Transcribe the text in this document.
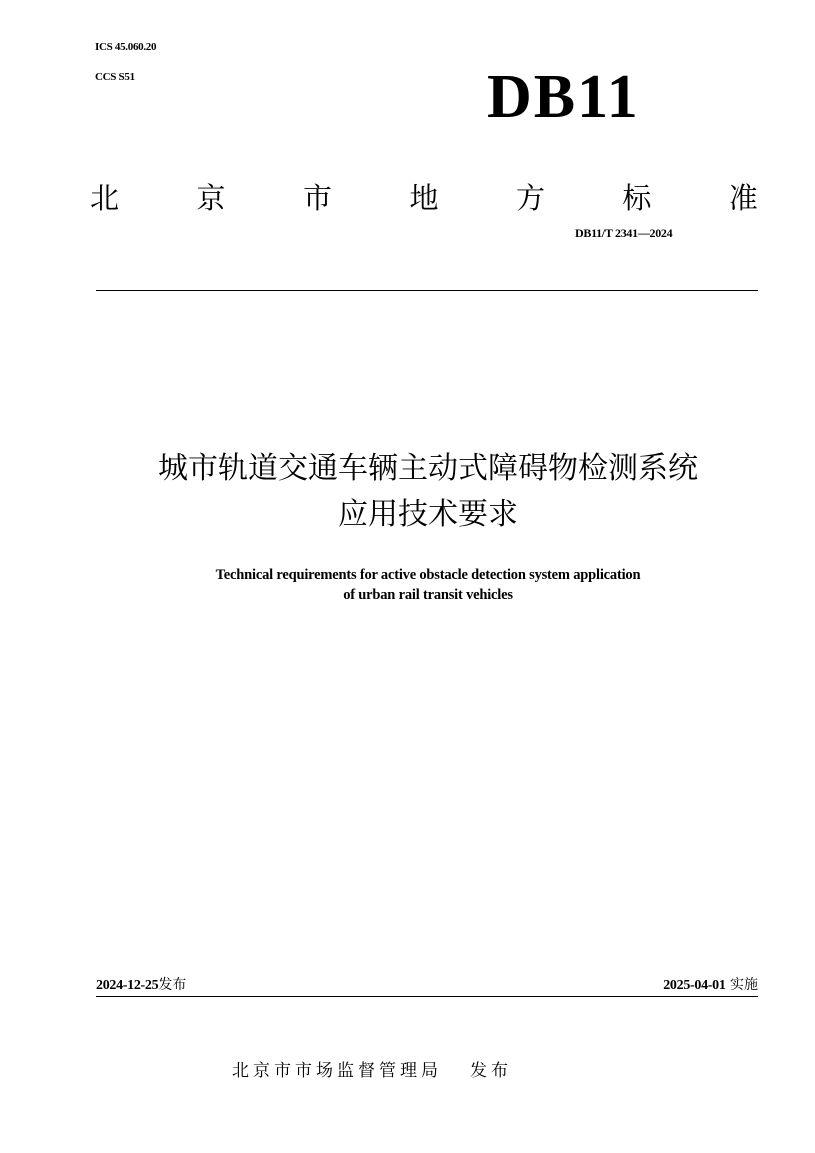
ICS 45.060.20
CCS S51	DB11
北	京	市	地	方	标	准
DB11/T 2341—2024
城市轨道交通车辆主动式障碍物检测系统
应用技术要求
Technical requirements for active obstacle detection system application
of urban rail transit vehicles
2024-12-25发布	2025-04-01 实施
北京市市场监督管理局 发布
